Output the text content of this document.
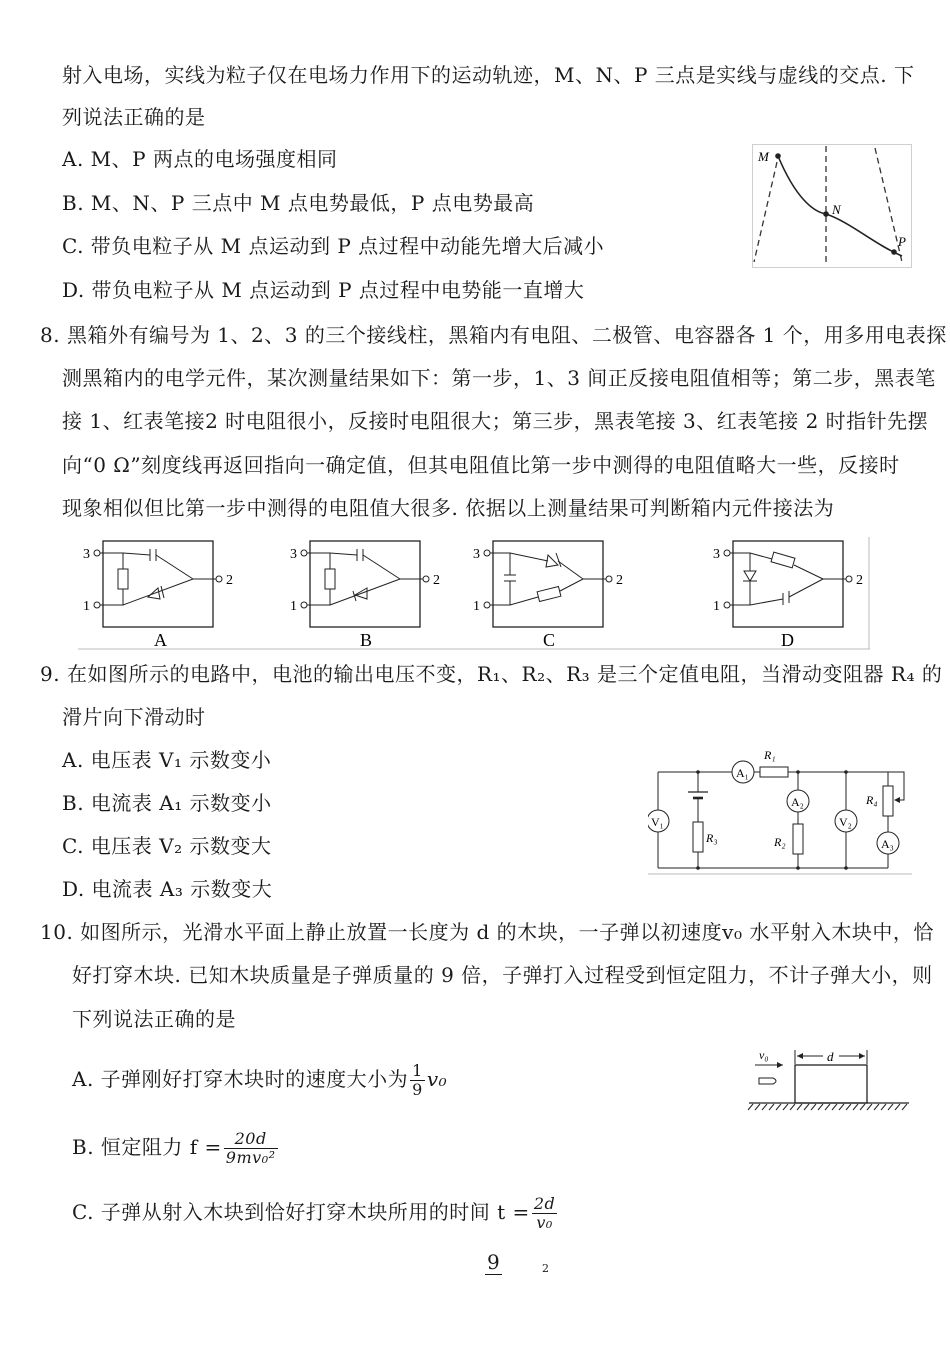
射入电场，实线为粒子仅在电场力作用下的运动轨迹，M、N、P 三点是实线与虚线的交点. 下
列说法正确的是
A. M、P 两点的电场强度相同
B. M、N、P 三点中 M 点电势最低，P 点电势最高
C. 带负电粒子从 M 点运动到 P 点过程中动能先增大后减小
D. 带负电粒子从 M 点运动到 P 点过程中电势能一直增大
M
N
P
8. 黑箱外有编号为 1、2、3 的三个接线柱，黑箱内有电阻、二极管、电容器各 1 个，用多用电表探
测黑箱内的电学元件，某次测量结果如下：第一步，1、3 间正反接电阻值相等；第二步，黑表笔
接 1、红表笔接2 时电阻很小，反接时电阻很大；第三步，黑表笔接 3、红表笔接 2 时指针先摆
向“0 Ω”刻度线再返回指向一确定值，但其电阻值比第一步中测得的电阻值略大一些，反接时
现象相似但比第一步中测得的电阻值大很多. 依据以上测量结果可判断箱内元件接法为
3
1
2
A
3
1
2
B
3
1
2
C
3
1
2
D
9. 在如图所示的电路中，电池的输出电压不变，R₁、R₂、R₃ 是三个定值电阻，当滑动变阻器 R₄ 的
滑片向下滑动时
A. 电压表 V₁ 示数变小
B. 电流表 A₁ 示数变小
C. 电压表 V₂ 示数变大
D. 电流表 A₃ 示数变大
V₁
A₁
R₁
R₃
A₂
R₂
V₂
R₄
A₃
10. 如图所示，光滑水平面上静止放置一长度为 d 的木块，一子弹以初速度v₀ 水平射入木块中，恰
好打穿木块. 已知木块质量是子弹质量的 9 倍，子弹打入过程受到恒定阻力，不计子弹大小，则
下列说法正确的是
A. 子弹刚好打穿木块时的速度大小为 $\frac{1}{9} v_0$
B. 恒定阻力 $f = \frac{20d}{\text{9mv₀²}}$
C. 子弹从射入木块到恰好打穿木块所用的时间 $t = \frac{2d}{\text{v₀}}$
v₀	d
9	2
